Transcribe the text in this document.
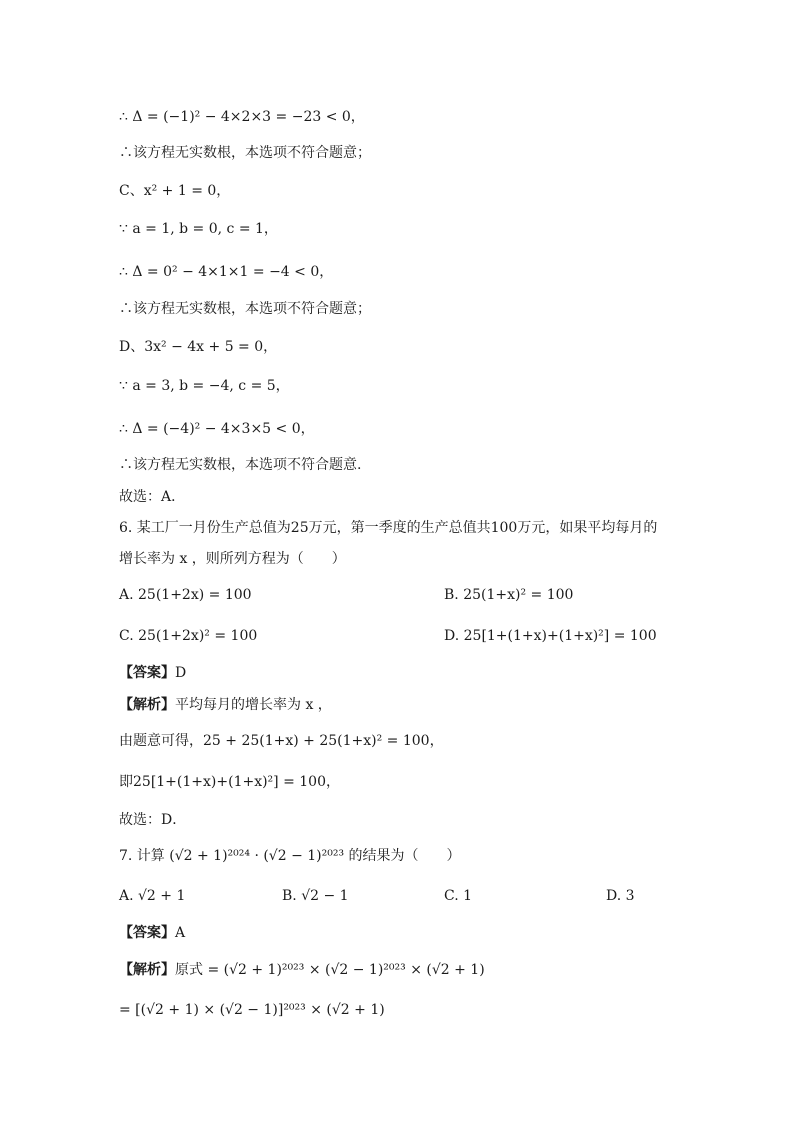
∴ Δ = (−1)² − 4×2×3 = −23 < 0，
∴该方程无实数根，本选项不符合题意；
C、x² + 1 = 0，
∵ a = 1, b = 0, c = 1，
∴ Δ = 0² − 4×1×1 = −4 < 0，
∴该方程无实数根，本选项不符合题意；
D、3x² − 4x + 5 = 0，
∵ a = 3, b = −4, c = 5，
∴ Δ = (−4)² − 4×3×5 < 0，
∴该方程无实数根，本选项不符合题意.
故选：A．
6. 某工厂一月份生产总值为25万元，第一季度的生产总值共100万元，如果平均每月的
增长率为 x ，则所列方程为（　　）
A. 25(1+2x) = 100	B. 25(1+x)² = 100
C. 25(1+2x)² = 100	D. 25[1+(1+x)+(1+x)²] = 100
【答案】D
【解析】平均每月的增长率为 x ，
由题意可得，25 + 25(1+x) + 25(1+x)² = 100，
即25[1+(1+x)+(1+x)²] = 100，
故选：D．
7. 计算 (√2 + 1)²⁰²⁴ · (√2 − 1)²⁰²³ 的结果为（　　）
A. √2 + 1	B. √2 − 1	C. 1	D. 3
【答案】A
【解析】原式 = (√2 + 1)²⁰²³ × (√2 − 1)²⁰²³ × (√2 + 1)
= [(√2 + 1) × (√2 − 1)]²⁰²³ × (√2 + 1)
